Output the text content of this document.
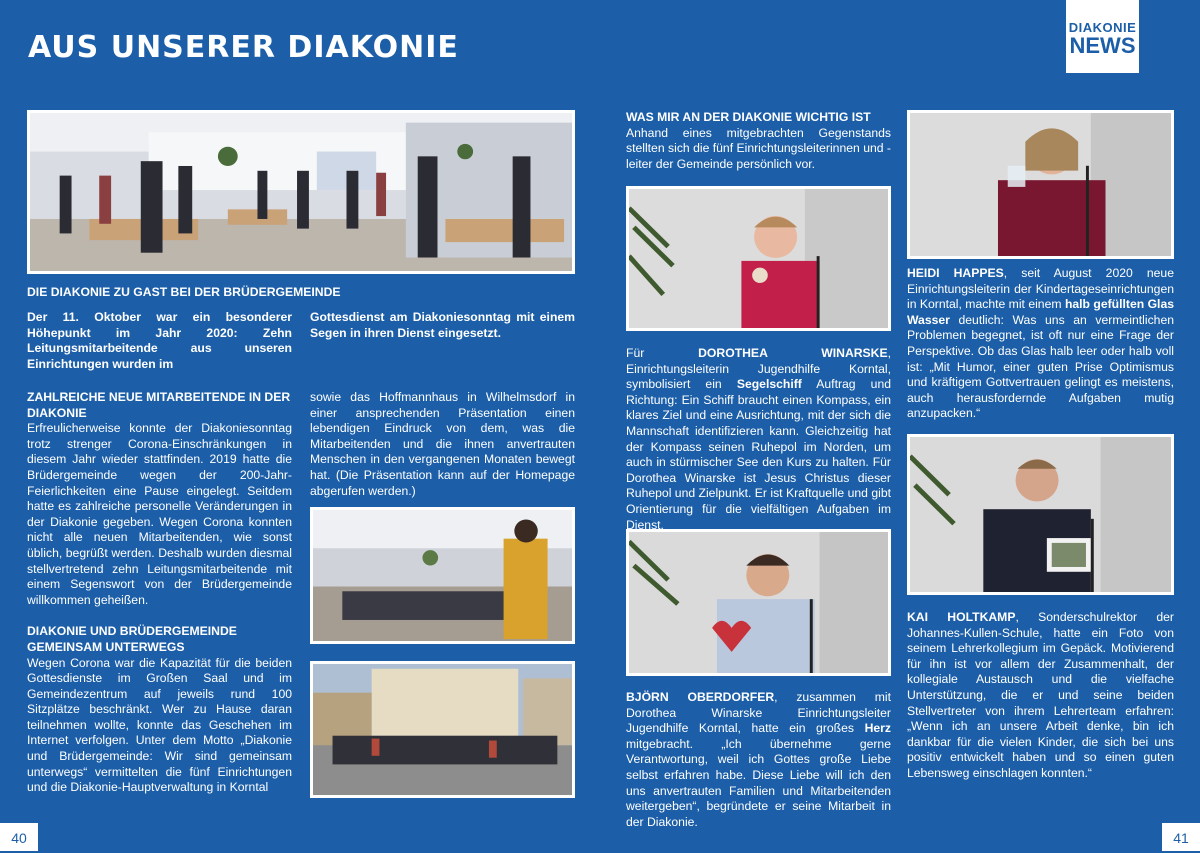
AUS UNSERER DIAKONIE
DIAKONIE
NEWS
DIE DIAKONIE ZU GAST BEI DER BRÜDERGEMEINDE
Der 11. Oktober war ein besonderer Höhepunkt im Jahr 2020: Zehn Leitungsmitarbeitende aus unseren Einrichtungen wurden im
Gottesdienst am Diakoniesonntag mit einem Segen in ihren Dienst eingesetzt.
ZAHLREICHE NEUE MITARBEITENDE IN DER DIAKONIE
Erfreulicherweise konnte der Diakoniesonntag trotz strenger Corona-Einschränkungen in diesem Jahr wieder stattfinden. 2019 hatte die Brüdergemeinde wegen der 200-Jahr-Feierlichkeiten eine Pause eingelegt. Seitdem hatte es zahlreiche personelle Veränderungen in der Diakonie gegeben. Wegen Corona konnten nicht alle neuen Mitarbeitenden, wie sonst üblich, begrüßt werden. Deshalb wurden diesmal stellvertretend zehn Leitungsmitarbeitende mit einem Segenswort von der Brüdergemeinde willkommen geheißen.
DIAKONIE UND BRÜDERGEMEINDE GEMEINSAM UNTERWEGS
Wegen Corona war die Kapazität für die beiden Gottesdienste im Großen Saal und im Gemeindezentrum auf jeweils rund 100 Sitzplätze beschränkt. Wer zu Hause daran teilnehmen wollte, konnte das Geschehen im Internet verfolgen. Unter dem Motto „Diakonie und Brüdergemeinde: Wir sind gemeinsam unterwegs“ vermittelten die fünf Einrichtungen und die Diakonie-Hauptverwaltung in Korntal
sowie das Hoffmannhaus in Wilhelmsdorf in einer ansprechenden Präsentation einen lebendigen Eindruck von dem, was die Mitarbeitenden und die ihnen anvertrauten Menschen in den vergangenen Monaten bewegt hat. (Die Präsentation kann auf der Homepage abgerufen werden.)
WAS MIR AN DER DIAKONIE WICHTIG IST
Anhand eines mitgebrachten Gegenstands stellten sich die fünf Einrichtungsleiterinnen und -leiter der Gemeinde persönlich vor.
Für DOROTHEA WINARSKE, Einrichtungsleiterin Jugendhilfe Korntal, symbolisiert ein Segelschiff Auftrag und Richtung: Ein Schiff braucht einen Kompass, ein klares Ziel und eine Ausrichtung, mit der sich die Mannschaft identifizieren kann. Gleichzeitig hat der Kompass seinen Ruhepol im Norden, um auch in stürmischer See den Kurs zu halten. Für Dorothea Winarske ist Jesus Christus dieser Ruhepol und Zielpunkt. Er ist Kraftquelle und gibt Orientierung für die vielfältigen Aufgaben im Dienst.
BJÖRN OBERDORFER, zusammen mit Dorothea Winarske Einrichtungsleiter Jugendhilfe Korntal, hatte ein großes Herz mitgebracht. „Ich übernehme gerne Verantwortung, weil ich Gottes große Liebe selbst erfahren habe. Diese Liebe will ich den uns anvertrauten Familien und Mitarbeitenden weitergeben“, begründete er seine Mitarbeit in der Diakonie.
HEIDI HAPPES, seit August 2020 neue Einrichtungsleiterin der Kindertageseinrichtungen in Korntal, machte mit einem halb gefüllten Glas Wasser deutlich: Was uns an vermeintlichen Problemen begegnet, ist oft nur eine Frage der Perspektive. Ob das Glas halb leer oder halb voll ist: „Mit Humor, einer guten Prise Optimismus und kräftigem Gottvertrauen gelingt es meistens, auch herausfordernde Aufgaben mutig anzupacken.“
KAI HOLTKAMP, Sonderschulrektor der Johannes-Kullen-Schule, hatte ein Foto von seinem Lehrerkollegium im Gepäck. Motivierend für ihn ist vor allem der Zusammenhalt, der kollegiale Austausch und die vielfache Unterstützung, die er und seine beiden Stellvertreter von ihrem Lehrerteam erfahren: „Wenn ich an unsere Arbeit denke, bin ich dankbar für die vielen Kinder, die sich bei uns positiv entwickelt haben und so einen guten Lebensweg einschlagen konnten.“
40	41
